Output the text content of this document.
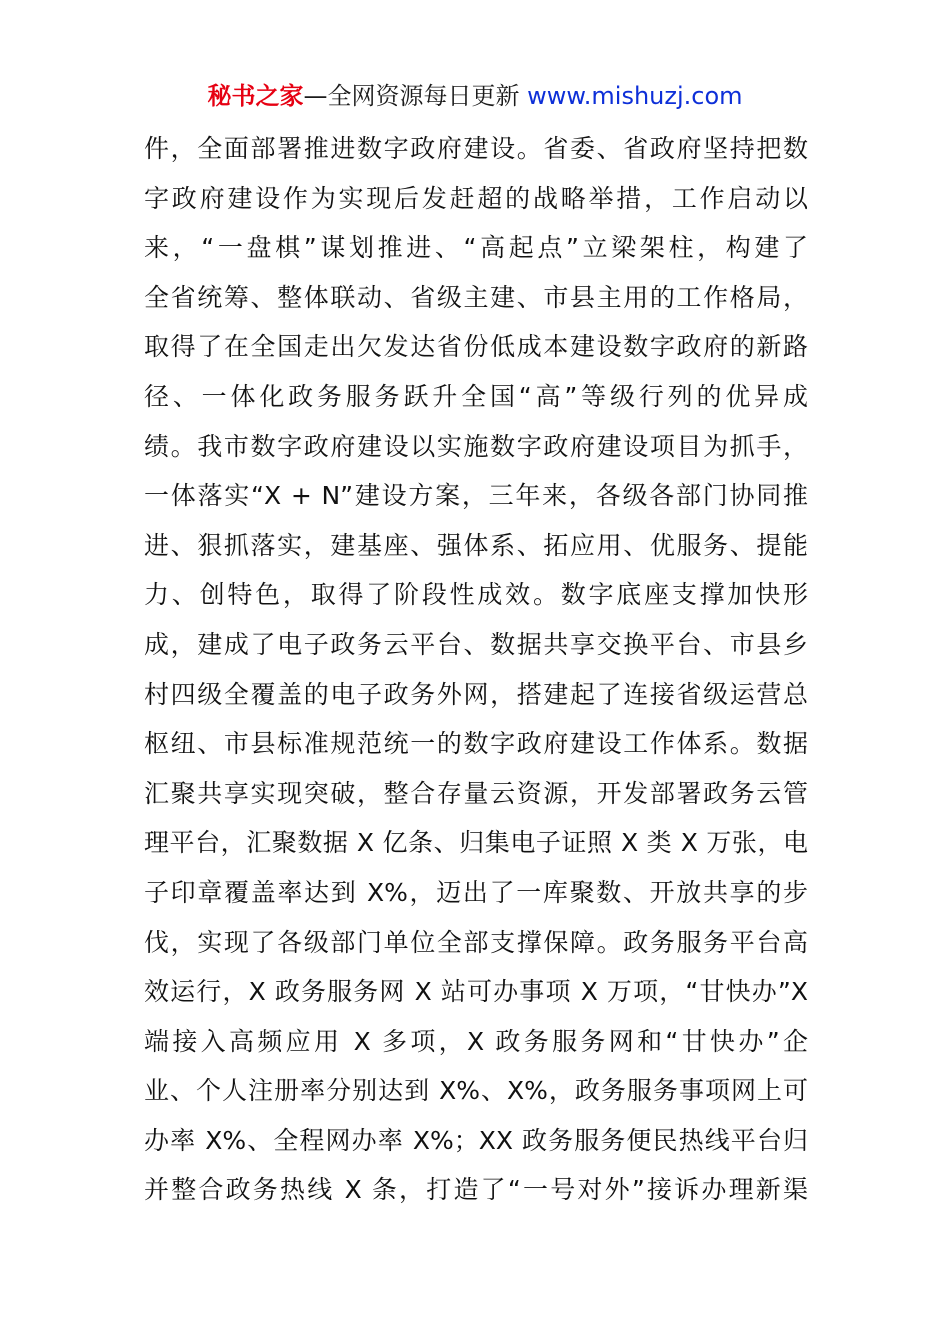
秘书之家—全网资源每日更新 www.mishuzj.com
件，全面部署推进数字政府建设。省委、省政府坚持把数
字政府建设作为实现后发赶超的战略举措，工作启动以
来，“一盘棋”谋划推进、“高起点”立梁架柱，构建了
全省统筹、整体联动、省级主建、市县主用的工作格局，
取得了在全国走出欠发达省份低成本建设数字政府的新路
径、一体化政务服务跃升全国“高”等级行列的优异成
绩。我市数字政府建设以实施数字政府建设项目为抓手，
一体落实“X + N”建设方案，三年来，各级各部门协同推
进、狠抓落实，建基座、强体系、拓应用、优服务、提能
力、创特色，取得了阶段性成效。数字底座支撑加快形
成，建成了电子政务云平台、数据共享交换平台、市县乡
村四级全覆盖的电子政务外网，搭建起了连接省级运营总
枢纽、市县标准规范统一的数字政府建设工作体系。数据
汇聚共享实现突破，整合存量云资源，开发部署政务云管
理平台，汇聚数据 X 亿条、归集电子证照 X 类 X 万张，电
子印章覆盖率达到 X%，迈出了一库聚数、开放共享的步
伐，实现了各级部门单位全部支撑保障。政务服务平台高
效运行，X 政务服务网 X 站可办事项 X 万项，“甘快办”X
端接入高频应用 X 多项，X 政务服务网和“甘快办”企
业、个人注册率分别达到 X%、X%，政务服务事项网上可
办率 X%、全程网办率 X%；XX 政务服务便民热线平台归
并整合政务热线 X 条，打造了“一号对外”接诉办理新渠
